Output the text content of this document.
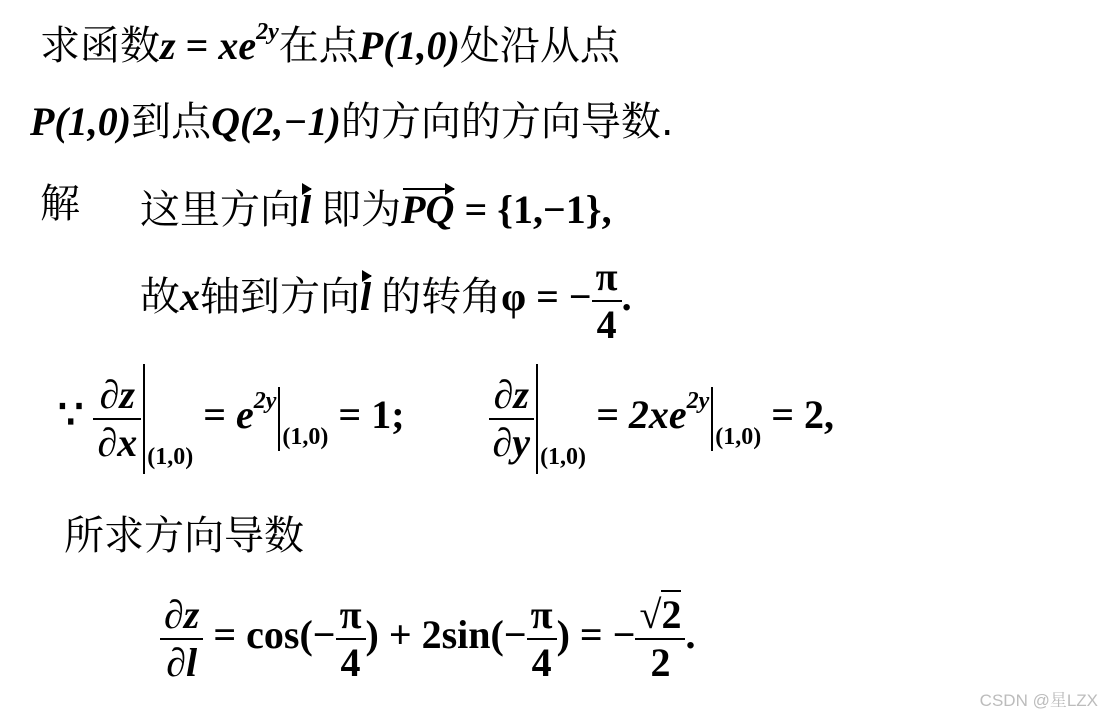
求函数$z = xe^{2y}$在点P(1,0)处沿从点
P(1,0)到点Q(2,−1)的方向的方向导数.
解 这里方向l 即为PQ = {1,−1},
故x轴到方向l 的转角φ = − $\frac{\pi}{4}$ .
∵ $\frac{\partial z}{\partial x} _{(1,0)} = e^{2y}_{(1,0)} = 1$; $\frac{\partial z}{\partial y} _{(1,0)} = 2xe^{2y}_{(1,0)} = 2$,
所求方向导数
$\frac{\partial z}{\partial l} = \cos(- \frac{\pi}{4}$ ) + $2\sin(- \frac{\pi}{4}$ ) = − $\frac{√2}{2}$ .
CSDN @星LZX
